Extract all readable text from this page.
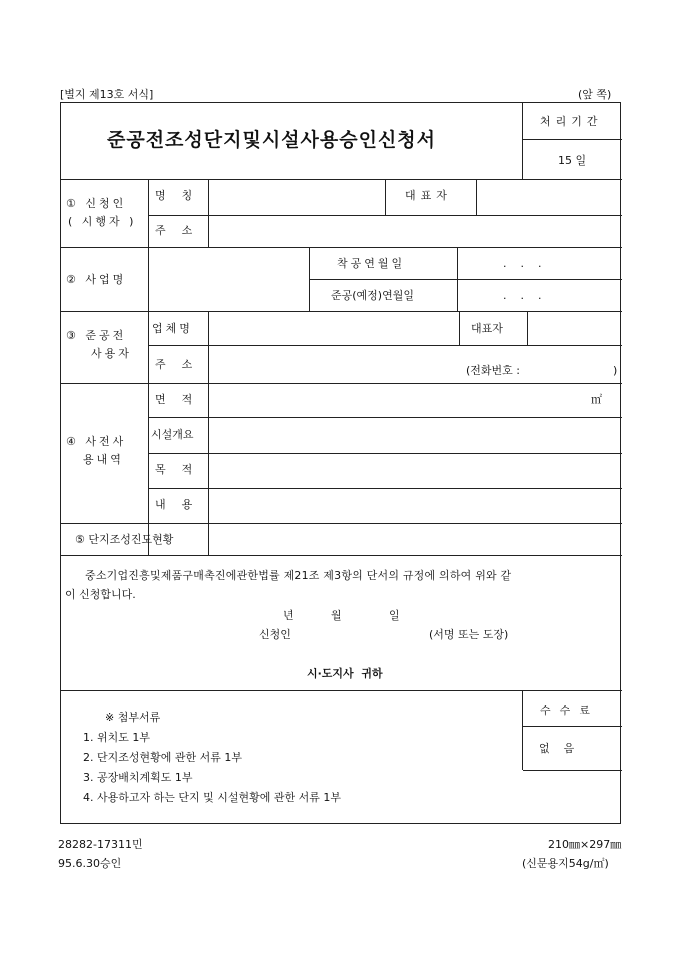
[별지 제13호 서식]	(앞 쪽)
준공전조성단지및시설사용승인신청서
처리기간
15 일
① 신청인
( 시행자 )
명  칭	대표자
주  소
② 사업명
착공연월일	.    .    .
준공(예정)연월일	.    .    .
③ 준공전
사용자
업체명	대표자
주  소	(전화번호 :	)
④ 사전사
용내역
면  적	㎡
시설개요
목  적
내  용
⑤ 단지조성진도현황
중소기업진흥및제품구매촉진에관한법률 제21조 제3항의 단서의 규정에 의하여 위와 같
이 신청합니다.
년	월	일
신청인	(서명 또는 도장)
시·도지사  귀하
※ 첨부서류
1. 위치도 1부
2. 단지조성현황에 관한 서류 1부
3. 공장배치계획도 1부
4. 사용하고자 하는 단지 및 시설현황에 관한 서류 1부
수수료
없    음
28282-17311민
95.6.30승인
210㎜×297㎜
(신문용지54g/㎡)
